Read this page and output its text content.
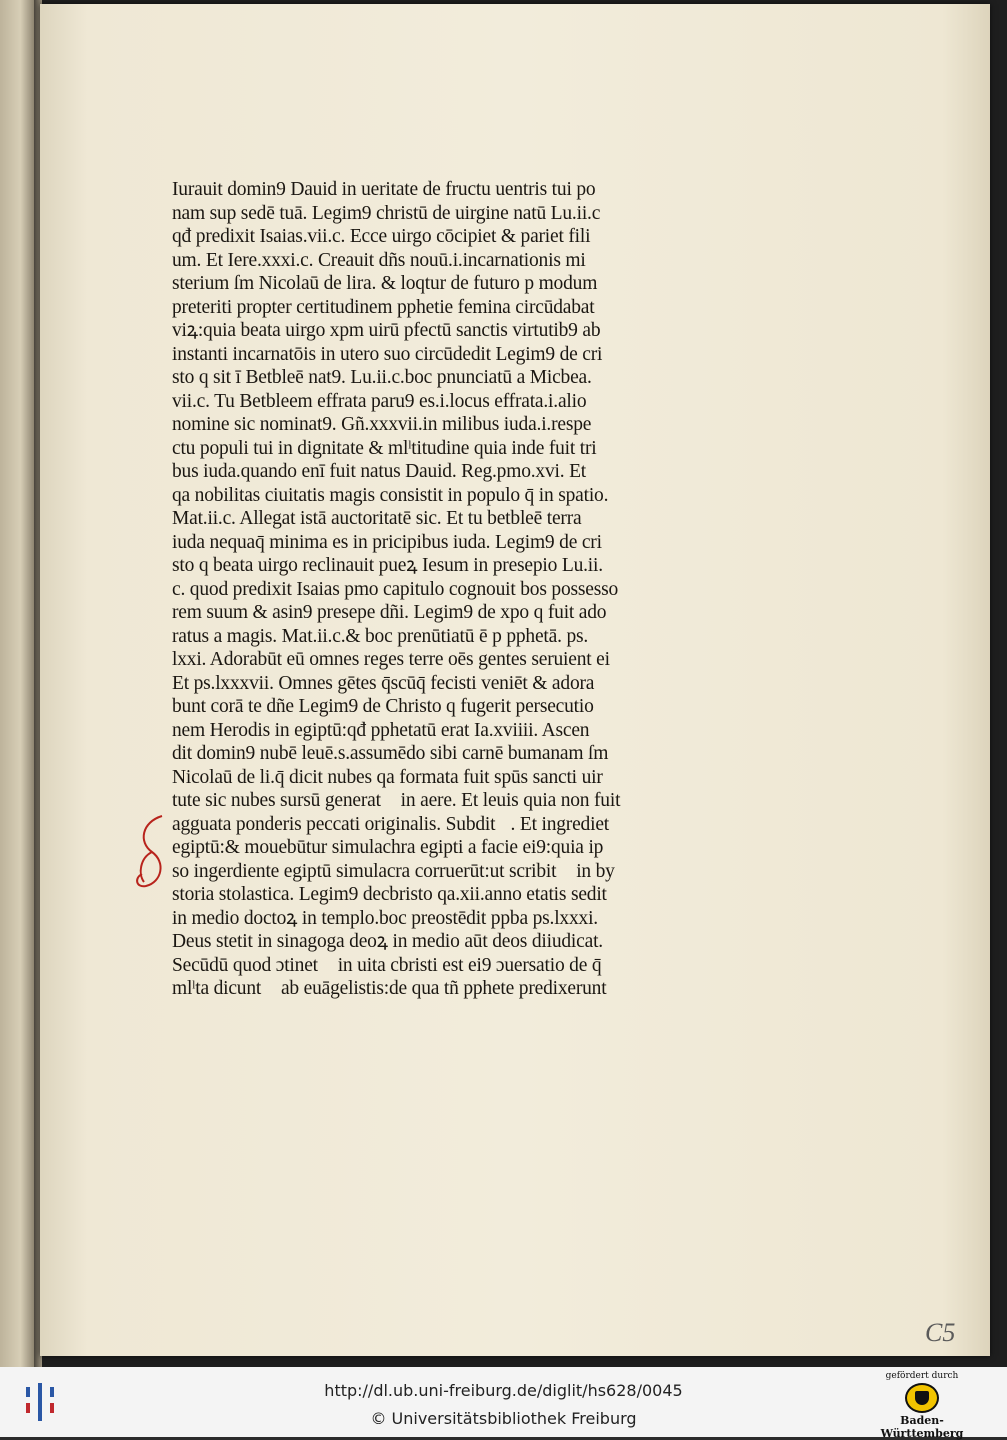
Iurauit domin9 Dauid in ueritate de fructu uentris tui po
nam sup sedē tuā. Legim9 christū de uirgine natū Lu.ii.c
qđ predixit Isaias.vii.c. Ecce uirgo cōcipiet & pariet fili
um. Et Iere.xxxi.c. Creauit dñs nouū.i.incarnationis mi
sterium ſm Nicolaū de lira. & loqtur de futuro p modum
preteriti propter certitudinem pphetie femina circūdabat
viꝝ:quia beata uirgo xpm uirū pfectū sanctis virtutib9 ab
instanti incarnatōis in utero suo circūdedit Legim9 de cri
sto q sit ī Betbleē nat9. Lu.ii.c.boc pnunciatū a Micbea.
vii.c. Tu Betbleem effrata paru9 es.i.locus effrata.i.alio
nomine sic nominat9. Gñ.xxxvii.in milibus iuda.i.respe
ctu populi tui in dignitate & mlˡtitudine quia inde fuit tri
bus iuda.quando enī fuit natus Dauid. Reg.pmo.xvi. Et
qa nobilitas ciuitatis magis consistit in populo q̄ in spatio.
Mat.ii.c. Allegat istā auctoritatē sic. Et tu betbleē terra
iuda nequaq̄ minima es in pricipibus iuda. Legim9 de cri
sto q beata uirgo reclinauit pueꝝ Iesum in presepio Lu.ii.
c. quod predixit Isaias pmo capitulo cognouit bos possesso
rem suum & asin9 presepe dñi. Legim9 de xpo q fuit ado
ratus a magis. Mat.ii.c.& boc prenūtiatū ē p pphetā. ps.
lxxi. Adorabūt eū omnes reges terre oēs gentes seruient ei
Et ps.lxxxvii. Omnes gētes q̄scūq̄ fecisti veniēt & adora
bunt corā te dñe Legim9 de Christo q fugerit persecutio
nem Herodis in egiptū:qđ pphetatū erat Ia.xviiii. Ascen
dit domin9 nubē leuē.s.assumēdo sibi carnē bumanam ſm
Nicolaū de li.q̄ dicit nubes qa formata fuit spūs sancti uir
tute sic nubes sursū generatᷓ in aere. Et leuis quia non fuit
agguata ponderis peccati originalis. Subditᷓ. Et ingredietᷓ
egiptū:& mouebūtur simulachra egipti a facie ei9:quia ip
so ingerdiente egiptū simulacra corruerūt:ut scribitᷓ in by
storia stolastica. Legim9 decbristo qa.xii.anno etatis sedit
in medio doctoꝝ in templo.boc preostēdit ppba ps.lxxxi.
Deus stetit in sinagoga deoꝝ in medio aūt deos diiudicat.
Secūdū quod ɔtinetᷓ in uita cbristi est ei9 ɔuersatio de q̄
mlˡta dicuntᷓ ab euāgelistis:de qua tñ pphete predixerunt
C5
http://dl.ub.uni-freiburg.de/diglit/hs628/0045
© Universitätsbibliothek Freiburg
gefördert durch
Baden-Württemberg
